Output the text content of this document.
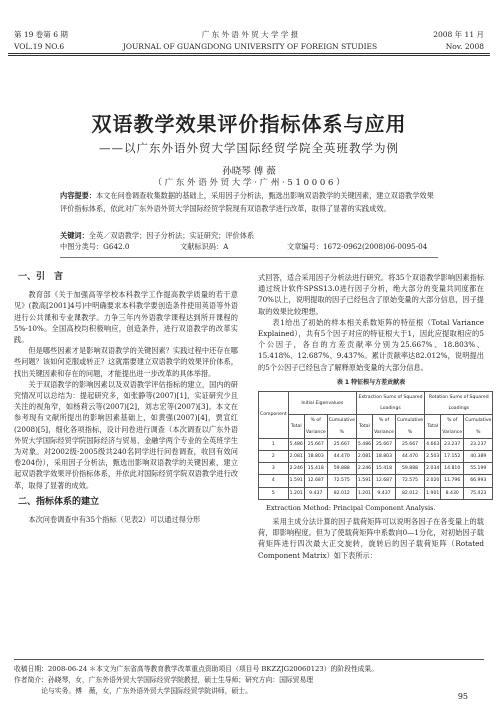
第 19 卷第 6 期	广 东 外 语 外 贸 大 学 学 报	2008 年 11 月
VOL.19 NO.6	JOURNAL OF GUANGDONG UNIVERSITY OF FOREIGN STUDIES	Nov. 2008
双语教学效果评价指标体系与应用
——以广东外语外贸大学国际经贸学院全英班教学为例
孙晓琴 傅 薇
（ 广 东 外 语 外 贸 大 学 · 广 州 · 5 1 0 0 0 6 ）
内容提要：本文在问卷调查收集数据的基础上，采用因子分析法，甄选出影响双语教学的关键因素，建立双语教学效果评价指标体系，依此对广东外语外贸大学国际经贸学院现有双语教学进行改革，取得了显著的实践成效。
关键词：全英／双语教学；因子分析法；实证研究；评价体系
中图分类号：G642.0	文献标识码：A	文章编号：1672-0962(2008)06-0095-04
一、引　言

教育部《关于加强高等学校本科教学工作提高教学质量的若干意见》(教高[2001]4号)中明确要求本科教学要创造条件使用英语等外语进行公共课和专业课教学。力争三年内外语教学课程达到所开课程的5%-10%。全国高校均积极响应，创造条件，进行双语教学的改革实践。

但是哪些因素才是影响双语教学的关键因素？实践过程中还存在哪些问题？该如何克服或转正？这就需要建立双语教学的效果评价体系，找出关键因素和存在的问题，才能提出进一步改革的具体举措。

关于双语教学的影响因素以及双语教学评估指标的建立，国内的研究情况可以总结为：提起研究多，如张静等(2007)[1]，实证研究少且关注的视角窄，如杨莉云等(2007)[2]，刘志宏等(2007)[3]。本文在参考现有文献所提出的影响因素基础上，如黄强(2007)[4]，贾宣红(2008)[5]，细化各项指标，设计问卷进行调查（本次调查以广东外语外贸大学国际经贸学院国际经济与贸易、金融学两个专业的全英班学生为对象。对2002级-2005级共240名同学进行问卷调查，收回有效问卷204份），采用因子分析法，甄选出影响双语教学的关键因素，建立起双语教学效果评价指标体系，并依此对国际经贸学院双语教学进行改革，取得了显著的成效。

二、指标体系的建立

本次问卷调查中有35个指标（见表2）可以通过得分形

式回答，适合采用因子分析法进行研究。将35个双语教学影响因素指标通过统计软件SPSS13.0进行因子分析，绝大部分的变量共同度都在70%以上，说明提取的因子已经包含了原始变量的大部分信息，因子提取的效果比较理想。

表1给出了初始的样本相关系数矩阵的特征根（Total Variance Explained），共有5个因子对应的特征根大于1，因此应提取相应的5个公因子，各自的方差贡献率分别为25.667%、18.803%、15.418%、12.687%、9.437%。累计贡献率达82.012%，说明提出的5个公因子已经包含了解释原始变量的大部分信息。

表 1 特征根与方差贡献表
Component	Initial Eigenvalues			Extraction Sums of Squared Loadings			Rotation Sums of Squared Loadings		
	Total	% of Variance	Cumulative %	Total	% of Variance	Cumulative %	Total	% of Variance	Cumulative %
1	5.486	25.667	25.667	5.486	25.667	25.667	4.663	23.237	23.237
2	2.081	18.803	44.470	2.081	18.803	44.470	2.503	17.152	40.389
3	2.246	15.418	59.888	2.246	15.418	59.888	2.034	14.810	55.199
4	1.591	12.687	72.575	1.591	12.687	72.575	2.020	11.796	66.993
5	1.201	9.437	82.012	1.201	9.437	82.012	1.901	8.430	75.423
Extraction Method: Principal Component Analysis.

采用主成分法计算的因子载荷矩阵可以说明各因子在各变量上的载荷，即影响程度。但为了使载荷矩阵中系数向0—1分化，对初始因子载荷矩阵进行四次最大正交旋转，旋转后的因子载荷矩阵（Rotated Component Matrix）如下表所示：

收稿日期：2008-06-24 ＊本文为广东省高等教育教学改革重点资助项目（项目号 BKZZJG20060123）的阶段性成果。
作者简介：孙晓琴，女，广东外语外贸大学国际经贸学院教授，硕士生导师；研究方向：国际贸易理
论与实务。傅　薇，女，广东外语外贸大学国际经贸学院讲师，硕士。
95
